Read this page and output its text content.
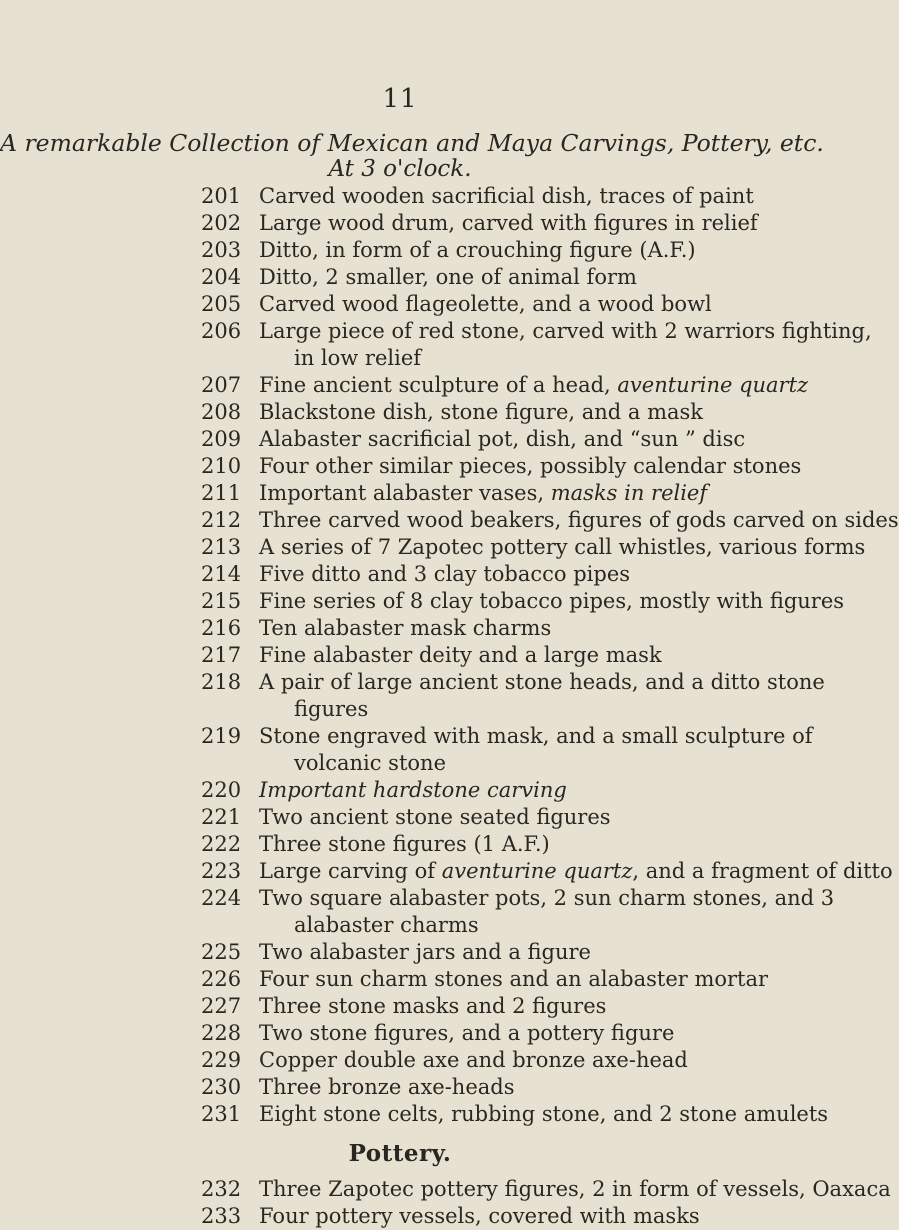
11
A remarkable Collection of Mexican and Maya Carvings, Pottery, etc.
At 3 o'clock.
201 Carved wooden sacrificial dish, traces of paint
202 Large wood drum, carved with figures in relief
203 Ditto, in form of a crouching figure (A.F.)
204 Ditto, 2 smaller, one of animal form
205 Carved wood flageolette, and a wood bowl
206 Large piece of red stone, carved with 2 warriors fighting,
in low relief
207 Fine ancient sculpture of a head, aventurine quartz
208 Blackstone dish, stone figure, and a mask
209 Alabaster sacrificial pot, dish, and “sun ” disc
210 Four other similar pieces, possibly calendar stones
211 Important alabaster vases, masks in relief
212 Three carved wood beakers, figures of gods carved on sides
213 A series of 7 Zapotec pottery call whistles, various forms
214 Five ditto and 3 clay tobacco pipes
215 Fine series of 8 clay tobacco pipes, mostly with figures
216 Ten alabaster mask charms
217 Fine alabaster deity and a large mask
218 A pair of large ancient stone heads, and a ditto stone
figures
219 Stone engraved with mask, and a small sculpture of
volcanic stone
220 Important hardstone carving
221 Two ancient stone seated figures
222 Three stone figures (1 A.F.)
223 Large carving of aventurine quartz, and a fragment of ditto
224 Two square alabaster pots, 2 sun charm stones, and 3
alabaster charms
225 Two alabaster jars and a figure
226 Four sun charm stones and an alabaster mortar
227 Three stone masks and 2 figures
228 Two stone figures, and a pottery figure
229 Copper double axe and bronze axe-head
230 Three bronze axe-heads
231 Eight stone celts, rubbing stone, and 2 stone amulets
Pottery.
232 Three Zapotec pottery figures, 2 in form of vessels, Oaxaca
233 Four pottery vessels, covered with masks
